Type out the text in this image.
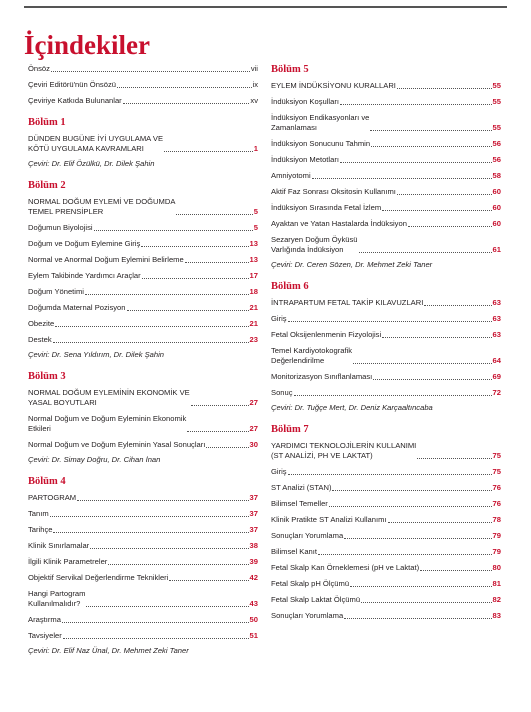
İçindekiler
Önsöz	vii
Çeviri Editörü'nün Önsözü	ix
Çeviriye Katkıda Bulunanlar	xv
Bölüm 1
DÜNDEN BUGÜNE İYİ UYGULAMA VE
KÖTÜ UYGULAMA KAVRAMLARI	1
Çeviri: Dr. Elif Özülkü, Dr. Dilek Şahin
Bölüm 2
NORMAL DOĞUM EYLEMİ VE DOĞUMDA
TEMEL PRENSİPLER	5
Doğumun Biyolojisi	5
Doğum ve Doğum Eylemine Giriş	13
Normal ve Anormal Doğum Eylemini Belirleme	13
Eylem Takibinde Yardımcı Araçlar	17
Doğum Yönetimi	18
Doğumda Maternal Pozisyon	21
Obezite	21
Destek	23
Çeviri: Dr. Sena Yıldırım, Dr. Dilek Şahin
Bölüm 3
NORMAL DOĞUM EYLEMİNİN EKONOMİK VE
YASAL BOYUTLARI	27
Normal Doğum ve Doğum Eyleminin Ekonomik
Etkileri	27
Normal Doğum ve Doğum Eyleminin Yasal Sonuçları	30
Çeviri: Dr. Simay Doğru, Dr. Cihan İnan
Bölüm 4
PARTOGRAM	37
Tanım	37
Tarihçe	37
Klinik Sınırlamalar	38
İlgili Klinik Parametreler	39
Objektif Servikal Değerlendirme Teknikleri	42
Hangi Partogram
Kullanılmalıdır?	43
Araştırma	50
Tavsiyeler	51
Çeviri: Dr. Elif Naz Ünal, Dr. Mehmet Zeki Taner
Bölüm 5
EYLEM İNDÜKSİYONU KURALLARI	55
İndüksiyon Koşulları	55
İndüksiyon Endikasyonları ve
Zamanlaması	55
İndüksiyon Sonucunu Tahmin	56
İndüksiyon Metotları	56
Amniyotomi	58
Aktif Faz Sonrası Oksitosin Kullanımı	60
İndüksiyon Sırasında Fetal İzlem	60
Ayaktan ve Yatan Hastalarda İndüksiyon	60
Sezaryen Doğum Öyküsü
Varlığında İndüksiyon	61
Çeviri: Dr. Ceren Sözen, Dr. Mehmet Zeki Taner
Bölüm 6
İNTRAPARTUM FETAL TAKİP KILAVUZLARI	63
Giriş	63
Fetal Oksijenlenmenin Fizyolojisi	63
Temel Kardiyotokografik
Değerlendirilme	64
Monitorizasyon Sınıflanlaması	69
Sonuç	72
Çeviri: Dr. Tuğçe Mert, Dr. Deniz Karçaaltıncaba
Bölüm 7
YARDIMCI TEKNOLOJİLERİN KULLANIMI
(ST ANALİZİ, PH VE LAKTAT)	75
Giriş	75
ST Analizi (STAN)	76
Bilimsel Temeller	76
Klinik Pratikte ST Analizi Kullanımı	78
Sonuçları Yorumlama	79
Bilimsel Kanıt	79
Fetal Skalp Kan Örneklemesi (pH ve Laktat)	80
Fetal Skalp pH Ölçümü	81
Fetal Skalp Laktat Ölçümü	82
Sonuçları Yorumlama	83
